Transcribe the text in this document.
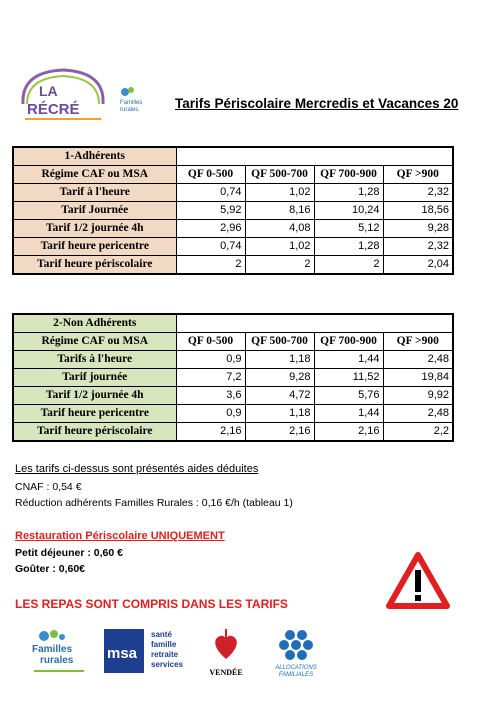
LA
RÉCRÉ	Familles
rurales	Tarifs Périscolaire Mercredis et Vacances 20
1-Adhérents				
Régime CAF ou MSA	QF 0-500	QF 500-700	QF 700-900	QF >900
Tarif à l'heure	0,74	1,02	1,28	2,32
Tarif Journée	5,92	8,16	10,24	18,56
Tarif 1/2 journée 4h	2,96	4,08	5,12	9,28
Tarif heure pericentre	0,74	1,02	1,28	2,32
Tarif heure périscolaire	2	2	2	2,04
2-Non Adhérents				
Régime CAF ou MSA	QF 0-500	QF 500-700	QF 700-900	QF >900
Tarifs à l'heure	0,9	1,18	1,44	2,48
Tarif journée	7,2	9,28	11,52	19,84
Tarif 1/2 journée 4h	3,6	4,72	5,76	9,92
Tarif heure pericentre	0,9	1,18	1,44	2,48
Tarif heure périscolaire	2,16	2,16	2,16	2,2
Les tarifs ci-dessus sont présentés aides déduites
CNAF : 0,54 €
Réduction adhérents Familles Rurales : 0,16 €/h (tableau 1)
Restauration Périscolaire UNIQUEMENT
Petit déjeuner : 0,60 €
Goûter : 0,60€
LES REPAS SONT COMPRIS DANS LES TARIFS
Familles
rurales msa
santé
famille
retraite
services
VENDÉE	ALLOCATIONS
FAMILIALES
